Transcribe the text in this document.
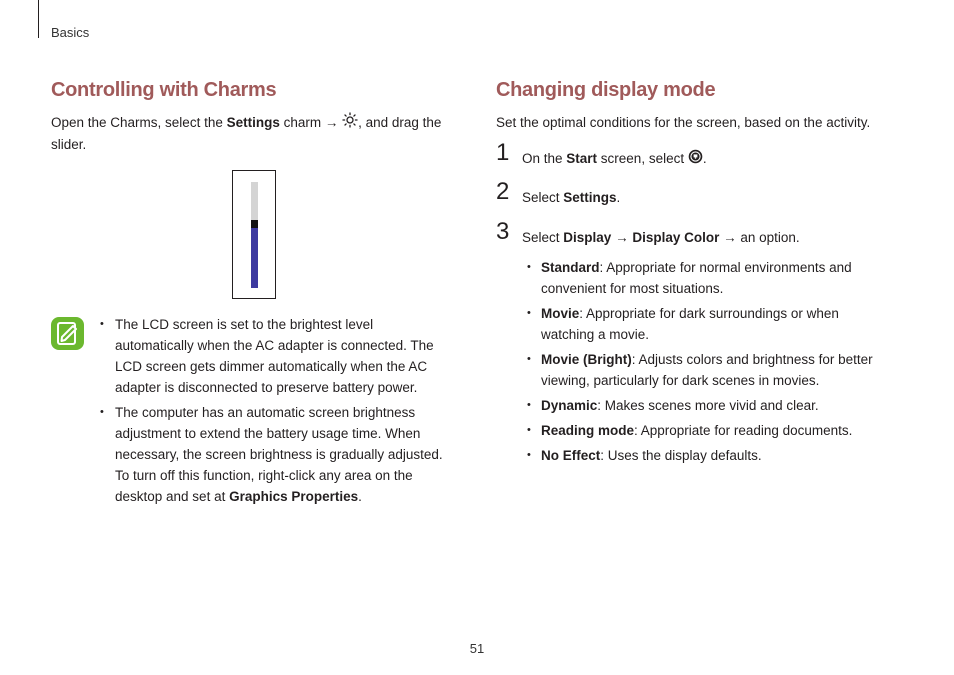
Basics
Controlling with Charms
Open the Charms, select the Settings charm → , and drag the
slider.
• The LCD screen is set to the brightest level
automatically when the AC adapter is connected. The
LCD screen gets dimmer automatically when the AC
adapter is disconnected to preserve battery power.
• The computer has an automatic screen brightness
adjustment to extend the battery usage time. When
necessary, the screen brightness is gradually adjusted.
To turn off this function, right-click any area on the
desktop and set at Graphics Properties.
Changing display mode
Set the optimal conditions for the screen, based on the activity.
1 On the Start screen, select .
2 Select Settings.
3 Select Display → Display Color → an option.
• Standard: Appropriate for normal environments and
convenient for most situations.
• Movie: Appropriate for dark surroundings or when
watching a movie.
• Movie (Bright): Adjusts colors and brightness for better
viewing, particularly for dark scenes in movies.
• Dynamic: Makes scenes more vivid and clear.
• Reading mode: Appropriate for reading documents.
• No Effect: Uses the display defaults.
51
